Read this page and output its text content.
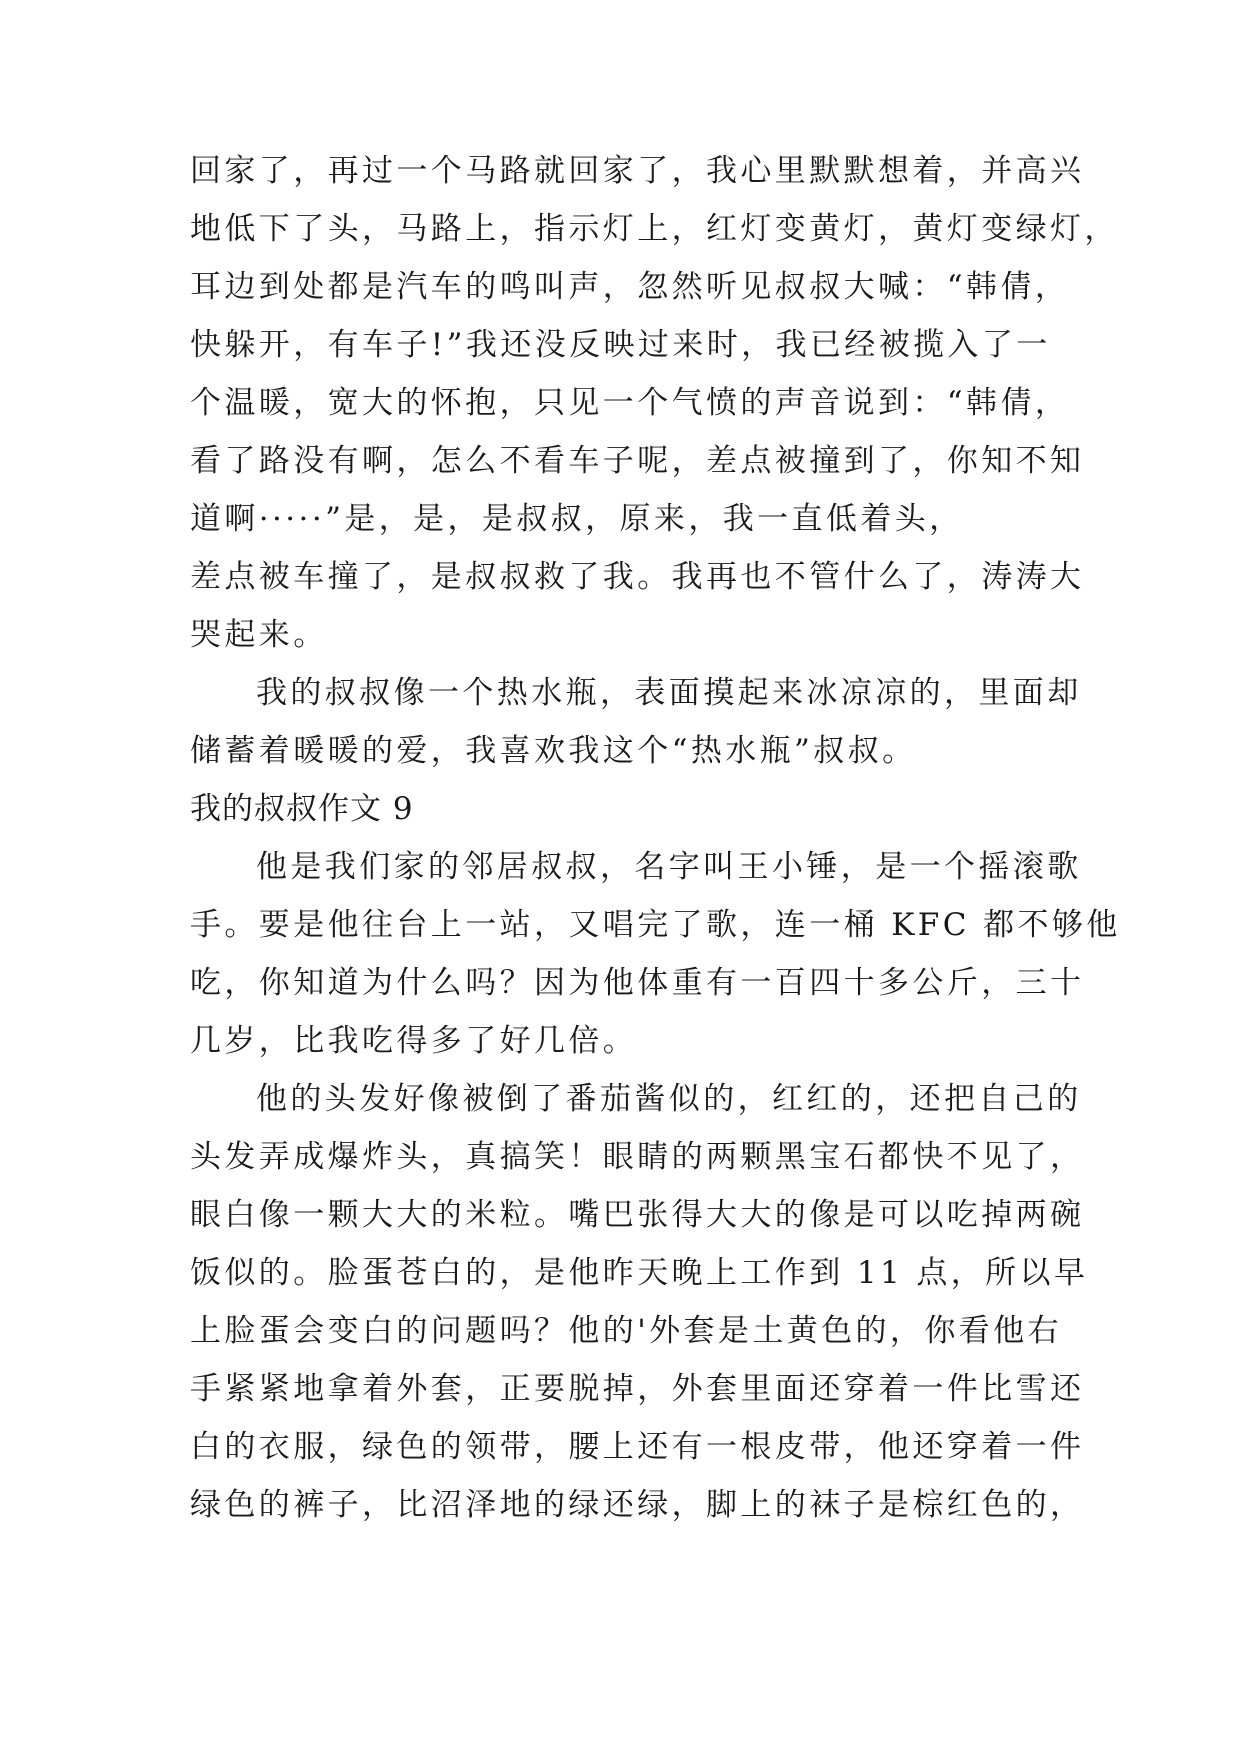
回家了，再过一个马路就回家了，我心里默默想着，并高兴
地低下了头，马路上，指示灯上，红灯变黄灯，黄灯变绿灯，
耳边到处都是汽车的鸣叫声，忽然听见叔叔大喊：“韩倩，
快躲开，有车子!”我还没反映过来时，我已经被揽入了一
个温暖，宽大的怀抱，只见一个气愤的声音说到：“韩倩，
看了路没有啊，怎么不看车子呢，差点被撞到了，你知不知
道啊·····”是，是，是叔叔，原来，我一直低着头，
差点被车撞了，是叔叔救了我。我再也不管什么了，涛涛大
哭起来。
我的叔叔像一个热水瓶，表面摸起来冰凉凉的，里面却
储蓄着暖暖的爱，我喜欢我这个“热水瓶”叔叔。
我的叔叔作文 9
他是我们家的邻居叔叔，名字叫王小锤，是一个摇滚歌
手。要是他往台上一站，又唱完了歌，连一桶 KFC 都不够他
吃，你知道为什么吗？因为他体重有一百四十多公斤，三十
几岁，比我吃得多了好几倍。
他的头发好像被倒了番茄酱似的，红红的，还把自己的
头发弄成爆炸头，真搞笑！眼睛的两颗黑宝石都快不见了，
眼白像一颗大大的米粒。嘴巴张得大大的像是可以吃掉两碗
饭似的。脸蛋苍白的，是他昨天晚上工作到 11 点，所以早
上脸蛋会变白的问题吗？他的'外套是土黄色的，你看他右
手紧紧地拿着外套，正要脱掉，外套里面还穿着一件比雪还
白的衣服，绿色的领带，腰上还有一根皮带，他还穿着一件
绿色的裤子，比沼泽地的绿还绿，脚上的袜子是棕红色的，
